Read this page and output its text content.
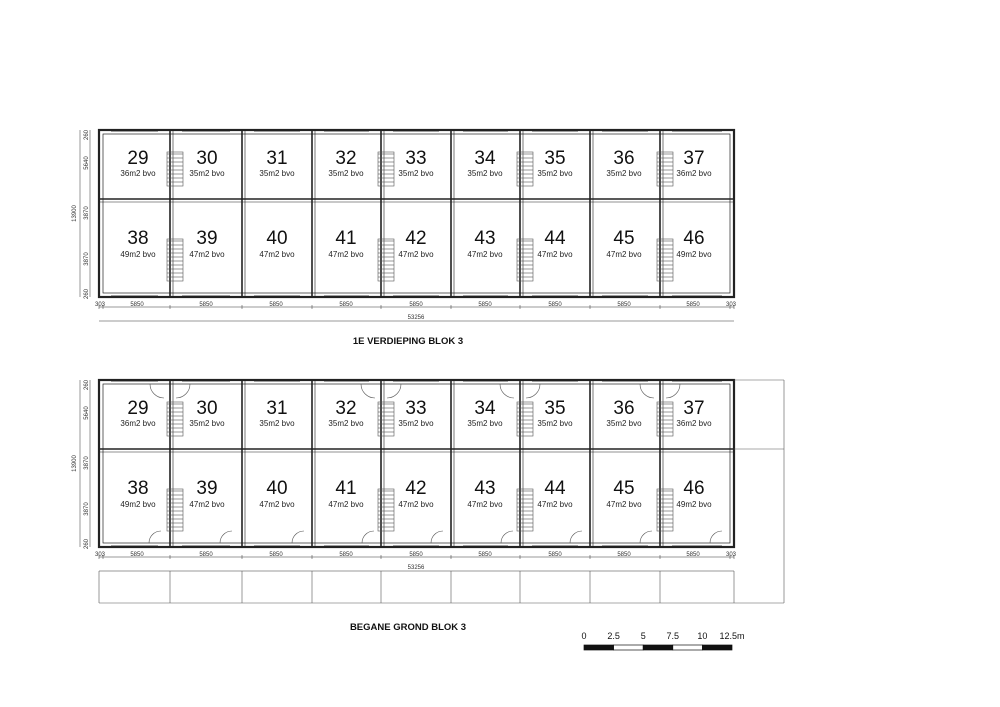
260
5640
3870
3870
260
13900
303	5850	5850	5850	5850	5850	5850	5850	5850	5850	303
53256
29
36m2 bvo
30
35m2 bvo
31
35m2 bvo
32
35m2 bvo
33
35m2 bvo
34
35m2 bvo
35
35m2 bvo
36
35m2 bvo
37
36m2 bvo
38
49m2 bvo
39
47m2 bvo
40
47m2 bvo
41
47m2 bvo
42
47m2 bvo
43
47m2 bvo
44
47m2 bvo
45
47m2 bvo
46
49m2 bvo
1E VERDIEPING BLOK 3
260
5640
3870
3870
260
13900
303	5850	5850	5850	5850	5850	5850	5850	5850	5850	303
53256
29
36m2 bvo
30
35m2 bvo
31
35m2 bvo
32
35m2 bvo
33
35m2 bvo
34
35m2 bvo
35
35m2 bvo
36
35m2 bvo
37
36m2 bvo
38
49m2 bvo
39
47m2 bvo
40
47m2 bvo
41
47m2 bvo
42
47m2 bvo
43
47m2 bvo
44
47m2 bvo
45
47m2 bvo
46
49m2 bvo
BEGANE GROND BLOK 3
0 2.5 5 7.5 10 12.5m
